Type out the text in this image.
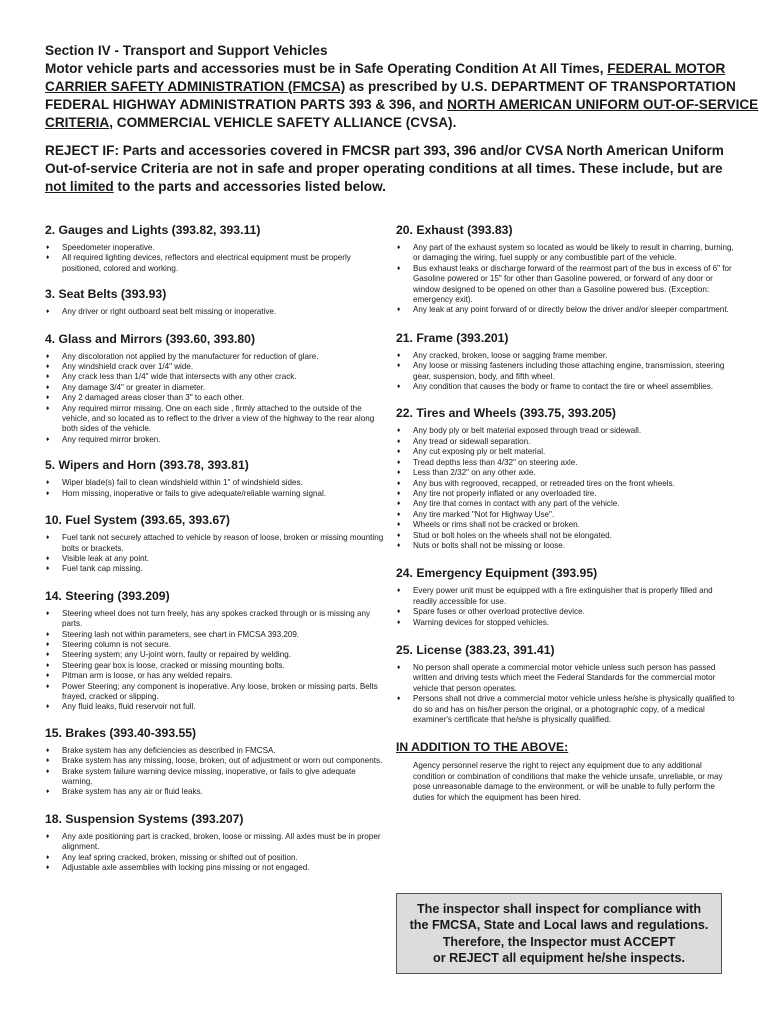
Section IV - Transport and Support Vehicles
Motor vehicle parts and accessories must be in Safe Operating Condition At All Times, FEDERAL MOTOR
CARRIER SAFETY ADMINISTRATION (FMCSA) as prescribed by U.S. DEPARTMENT OF TRANSPORTATION
FEDERAL HIGHWAY ADMINISTRATION PARTS 393 & 396, and NORTH AMERICAN UNIFORM OUT-OF-SERVICE
CRITERIA, COMMERCIAL VEHICLE SAFETY ALLIANCE (CVSA).
REJECT IF: Parts and accessories covered in FMCSR part 393, 396 and/or CVSA North American Uniform Out-of-service Criteria are not in safe and proper operating conditions at all times. These include, but are not limited to the parts and accessories listed below.
2. Gauges and Lights (393.82, 393.11)
♦ Speedometer inoperative.
♦ All required lighting devices, reflectors and electrical equipment must be properly positioned, colored and working.
3. Seat Belts (393.93)
♦ Any driver or right outboard seat belt missing or inoperative.
4. Glass and Mirrors (393.60, 393.80)
♦ Any discoloration not applied by the manufacturer for reduction of glare.
♦ Any windshield crack over 1/4" wide.
♦ Any crack less than 1/4" wide that intersects with any other crack.
♦ Any damage 3/4" or greater in diameter.
♦ Any 2 damaged areas closer than 3" to each other.
♦ Any required mirror missing. One on each side , firmly attached to the outside of the vehicle, and so located as to reflect to the driver a view of the highway to the rear along both sides of the vehicle.
♦ Any required mirror broken.
5. Wipers and Horn (393.78, 393.81)
♦ Wiper blade(s) fail to clean windshield within 1" of windshield sides.
♦ Horn missing, inoperative or fails to give adequate/reliable warning signal.
10. Fuel System (393.65, 393.67)
♦ Fuel tank not securely attached to vehicle by reason of loose, broken or missing mounting bolts or brackets.
♦ Visible leak at any point.
♦ Fuel tank cap missing.
14. Steering (393.209)
♦ Steering wheel does not turn freely, has any spokes cracked through or is missing any parts.
♦ Steering lash not within parameters, see chart in FMCSA 393.209.
♦ Steering column is not secure.
♦ Steering system; any U-joint worn, faulty or repaired by welding.
♦ Steering gear box is loose, cracked or missing mounting bolts.
♦ Pitman arm is loose, or has any welded repairs.
♦ Power Steering; any component is inoperative. Any loose, broken or missing parts. Belts frayed, cracked or slipping.
♦ Any fluid leaks, fluid reservoir not full.
15. Brakes (393.40-393.55)
♦ Brake system has any deficiencies as described in FMCSA.
♦ Brake system has any missing, loose, broken, out of adjustment or worn out components.
♦ Brake system failure warning device missing, inoperative, or fails to give adequate warning.
♦ Brake system has any air or fluid leaks.
18. Suspension Systems (393.207)
♦ Any axle positioning part is cracked, broken, loose or missing. All axles must be in proper alignment.
♦ Any leaf spring cracked, broken, missing or shifted out of position.
♦ Adjustable axle assemblies with locking pins missing or not engaged.
20. Exhaust (393.83)
♦ Any part of the exhaust system so located as would be likely to result in charring, burning, or damaging the wiring, fuel supply or any combustible part of the vehicle.
♦ Bus exhaust leaks or discharge forward of the rearmost part of the bus in excess of 6" for Gasoline powered or 15" for other than Gasoline powered, or forward of any door or window designed to be opened on other than a Gasoline powered bus. (Exception: emergency exit).
♦ Any leak at any point forward of or directly below the driver and/or sleeper compartment.
21. Frame (393.201)
♦ Any cracked, broken, loose or sagging frame member.
♦ Any loose or missing fasteners including those attaching engine, transmission, steering gear, suspension, body, and fifth wheel.
♦ Any condition that causes the body or frame to contact the tire or wheel assemblies.
22. Tires and Wheels (393.75, 393.205)
♦ Any body ply or belt material exposed through tread or sidewall.
♦ Any tread or sidewall separation.
♦ Any cut exposing ply or belt material.
♦ Tread depths less than 4/32" on steering axle.
♦ Less than 2/32" on any other axle.
♦ Any bus with regrooved, recapped, or retreaded tires on the front wheels.
♦ Any tire not properly inflated or any overloaded tire.
♦ Any tire that comes in contact with any part of the vehicle.
♦ Any tire marked "Not for Highway Use".
♦ Wheels or rims shall not be cracked or broken.
♦ Stud or bolt holes on the wheels shall not be elongated.
♦ Nuts or bolts shall not be missing or loose.
24. Emergency Equipment (393.95)
♦ Every power unit must be equipped with a fire extinguisher that is properly filled and readily accessible for use.
♦ Spare fuses or other overload protective device.
♦ Warning devices for stopped vehicles.
25. License (383.23, 391.41)
♦ No person shall operate a commercial motor vehicle unless such person has passed written and driving tests which meet the Federal Standards for the commercial motor vehicle that person operates.
♦ Persons shall not drive a commercial motor vehicle unless he/she is physically qualified to do so and has on his/her person the original, or a photographic copy, of a medical examiner's certificate that he/she is physically qualified.
IN ADDITION TO THE ABOVE:
Agency personnel reserve the right to reject any equipment due to any additional condition or combination of conditions that make the vehicle unsafe, unreliable, or may pose unreasonable damage to the environment, or will be unable to fully perform the duties for which the equipment has been hired.
The inspector shall inspect for compliance with
the FMCSA, State and Local laws and regulations.
Therefore, the Inspector must ACCEPT
or REJECT all equipment he/she inspects.
